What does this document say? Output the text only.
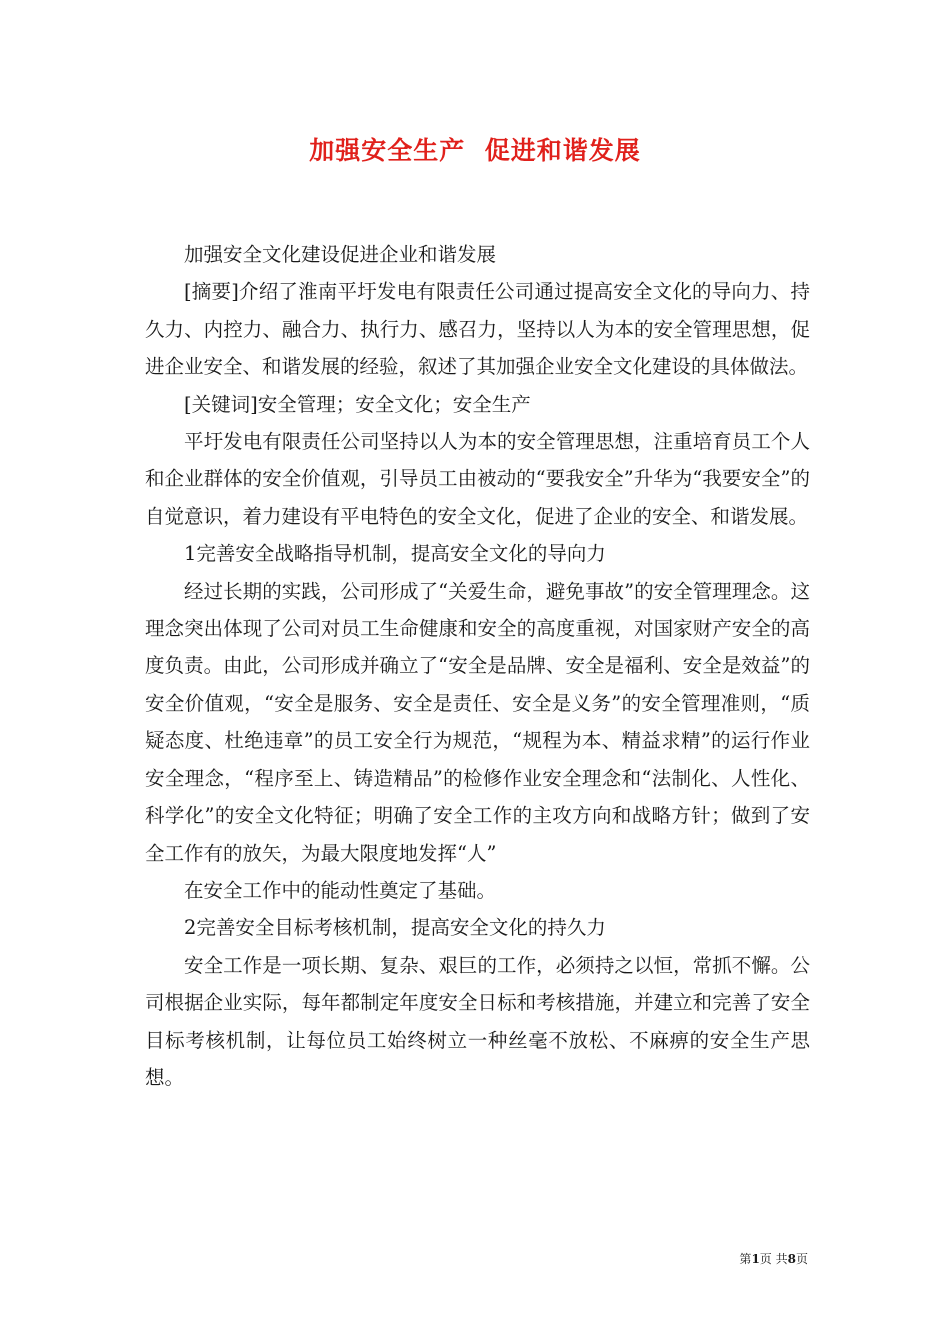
加强安全生产  促进和谐发展

加强安全文化建设促进企业和谐发展

[摘要]介绍了淮南平圩发电有限责任公司通过提高安全文化的导向力、持久力、内控力、融合力、执行力、感召力，坚持以人为本的安全管理思想，促进企业安全、和谐发展的经验，叙述了其加强企业安全文化建设的具体做法。

[关键词]安全管理；安全文化；安全生产

平圩发电有限责任公司坚持以人为本的安全管理思想，注重培育员工个人和企业群体的安全价值观，引导员工由被动的“要我安全”升华为“我要安全”的自觉意识，着力建设有平电特色的安全文化，促进了企业的安全、和谐发展。

1完善安全战略指导机制，提高安全文化的导向力

经过长期的实践，公司形成了“关爱生命，避免事故”的安全管理理念。这理念突出体现了公司对员工生命健康和安全的高度重视，对国家财产安全的高度负责。由此，公司形成并确立了“安全是品牌、安全是福利、安全是效益”的安全价值观，“安全是服务、安全是责任、安全是义务”的安全管理准则，“质疑态度、杜绝违章”的员工安全行为规范，“规程为本、精益求精”的运行作业安全理念，“程序至上、铸造精品”的检修作业安全理念和“法制化、人性化、科学化”的安全文化特征；明确了安全工作的主攻方向和战略方针；做到了安全工作有的放矢，为最大限度地发挥“人”

在安全工作中的能动性奠定了基础。

2完善安全目标考核机制，提高安全文化的持久力

安全工作是一项长期、复杂、艰巨的工作，必须持之以恒，常抓不懈。公司根据企业实际，每年都制定年度安全日标和考核措施，并建立和完善了安全目标考核机制，让每位员工始终树立一种丝毫不放松、不麻痹的安全生产思想。

第1页 共8页
